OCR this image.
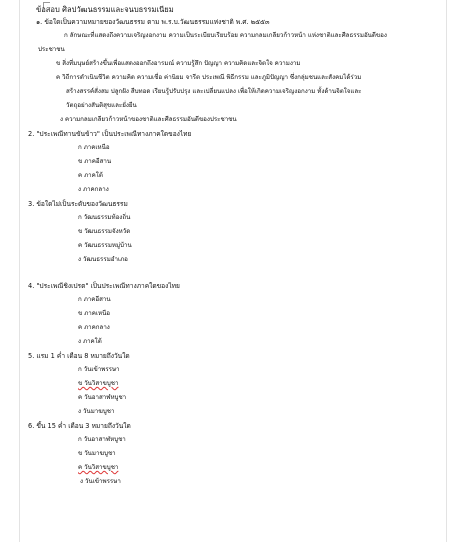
ข้อสอบ ศิลปวัฒนธรรมและจนบธรรมเนียม
๑. ข้อใดเป็นความหมายของวัฒนธรรม ตาม พ.ร.บ.วัฒนธรรมแห่งชาติ พ.ศ. ๒๕๕๓
ก ลักษณะที่แสดงถึงความเจริญงอกงาม ความเป็นระเบียบเรียบร้อย ความกลมเกลียวก้าวหน้า แห่งชาติและศีลธรรมอันดีของ
ประชาชน
ข สิ่งที่มนุษย์สร้างขึ้นเพื่อแสดงออกถึงอารมณ์ ความรู้สึก ปัญญา ความคิดและจิตใจ ความงาม
ค วิถีการดำเนินชีวิต ความคิด ความเชื่อ ค่านิยม จารีต ประเพณี พิธีกรรม และภูมิปัญญา ซึ่งกลุ่มชนและสังคมได้ร่วม
สร้างสรรค์สั่งสม ปลูกฝัง สืบทอด เรียนรู้ปรับปรุง และเปลี่ยนแปลง เพื่อให้เกิดความเจริญงอกงาม ทั้งด้านจิตใจและ
วัตถุอย่างสันติสุขและยั่งยืน
ง ความกลมเกลียวก้าวหน้าของชาติและศีลธรรมอันดีของประชาชน
2. "ประเพณีทานขันข้าว" เป็นประเพณีทางภาคใดของไทย
ก ภาคเหนือ
ข ภาคอีสาน
ค ภาคใต้
ง ภาคกลาง
3. ข้อใดไม่เป็นระดับของวัฒนธรรม
ก วัฒนธรรมท้องถิ่น
ข วัฒนธรรมจังหวัด
ค วัฒนธรรมหมู่บ้าน
ง วัฒนธรรมอำเภอ
4. "ประเพณีชิงเปรต" เป็นประเพณีทางภาคใดของไทย
ก ภาคอีสาน
ข ภาคเหนือ
ค ภาคกลาง
ง ภาคใต้
5. แรม 1 ค่ำ เดือน 8 หมายถึงวันใด
ก วันเข้าพรรษา
ข วันวิสาขบูชา
ค วันอาสาฬหบูชา
ง วันมาฆบูชา
6. ขึ้น 15 ค่ำ เดือน 3 หมายถึงวันใด
ก วันอาสาฬหบูชา
ข วันมาฆบูชา
ค วันวิสาขบูชา
ง วันเข้าพรรษา
